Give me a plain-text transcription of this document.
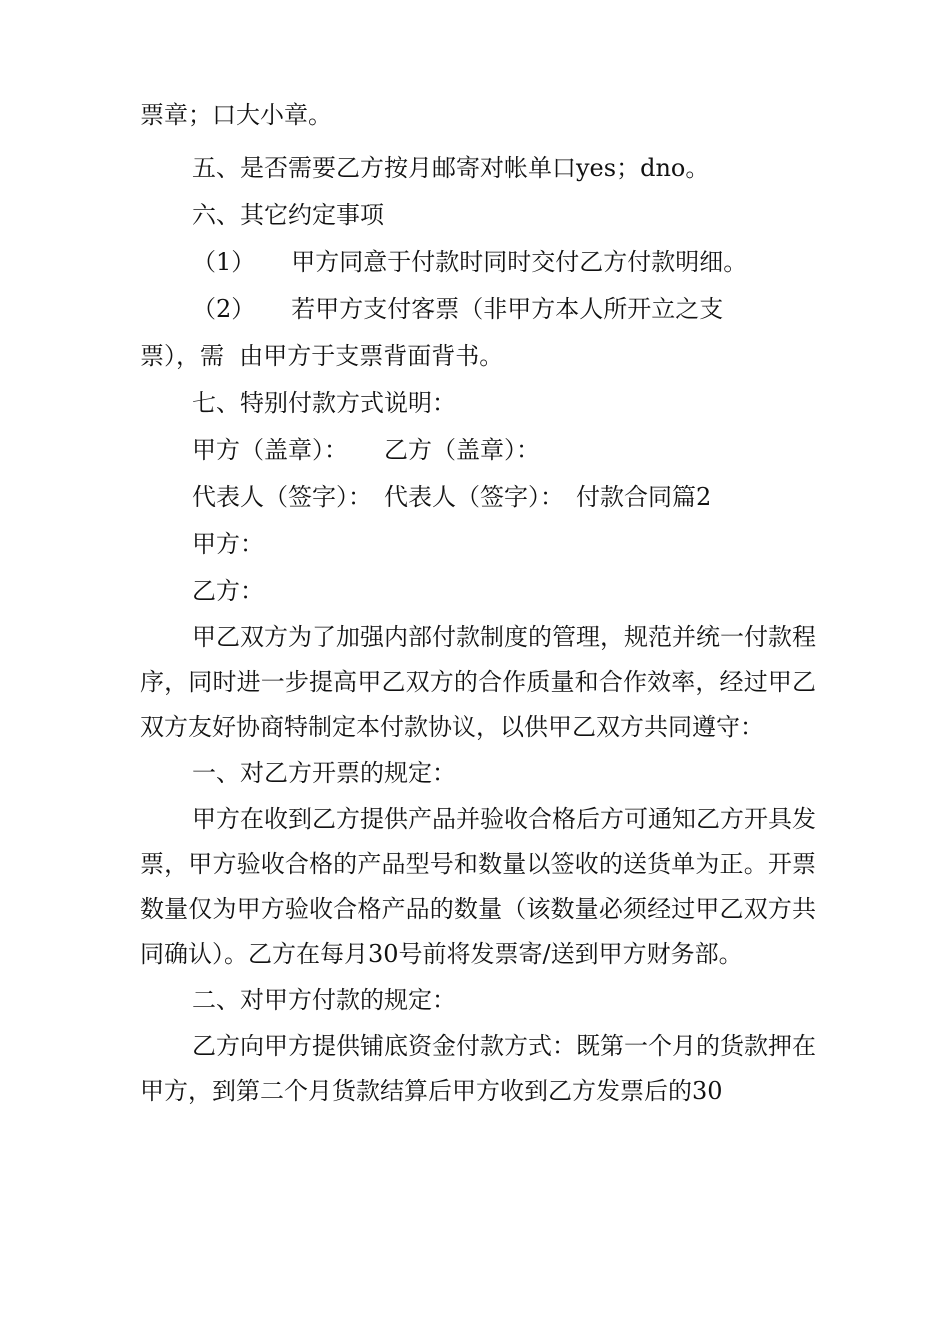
票章；口大小章。
五、是否需要乙方按月邮寄对帐单口yes；dno。
六、其它约定事项
（1）　　甲方同意于付款时同时交付乙方付款明细。
（2）　　若甲方支付客票（非甲方本人所开立之支
票），需  由甲方于支票背面背书。
七、特别付款方式说明：
甲方（盖章）：　　乙方（盖章）：
代表人（签字）：　代表人（签字）：　付款合同篇2
甲方：
乙方：

甲乙双方为了加强内部付款制度的管理，规范并统一付款程序，同时进一步提高甲乙双方的合作质量和合作效率，经过甲乙双方友好协商特制定本付款协议，以供甲乙双方共同遵守：

一、对乙方开票的规定：

甲方在收到乙方提供产品并验收合格后方可通知乙方开具发票，甲方验收合格的产品型号和数量以签收的送货单为正。开票数量仅为甲方验收合格产品的数量（该数量必须经过甲乙双方共同确认）。乙方在每月30号前将发票寄/送到甲方财务部。

二、对甲方付款的规定：

乙方向甲方提供铺底资金付款方式：既第一个月的货款押在甲方，到第二个月货款结算后甲方收到乙方发票后的30
